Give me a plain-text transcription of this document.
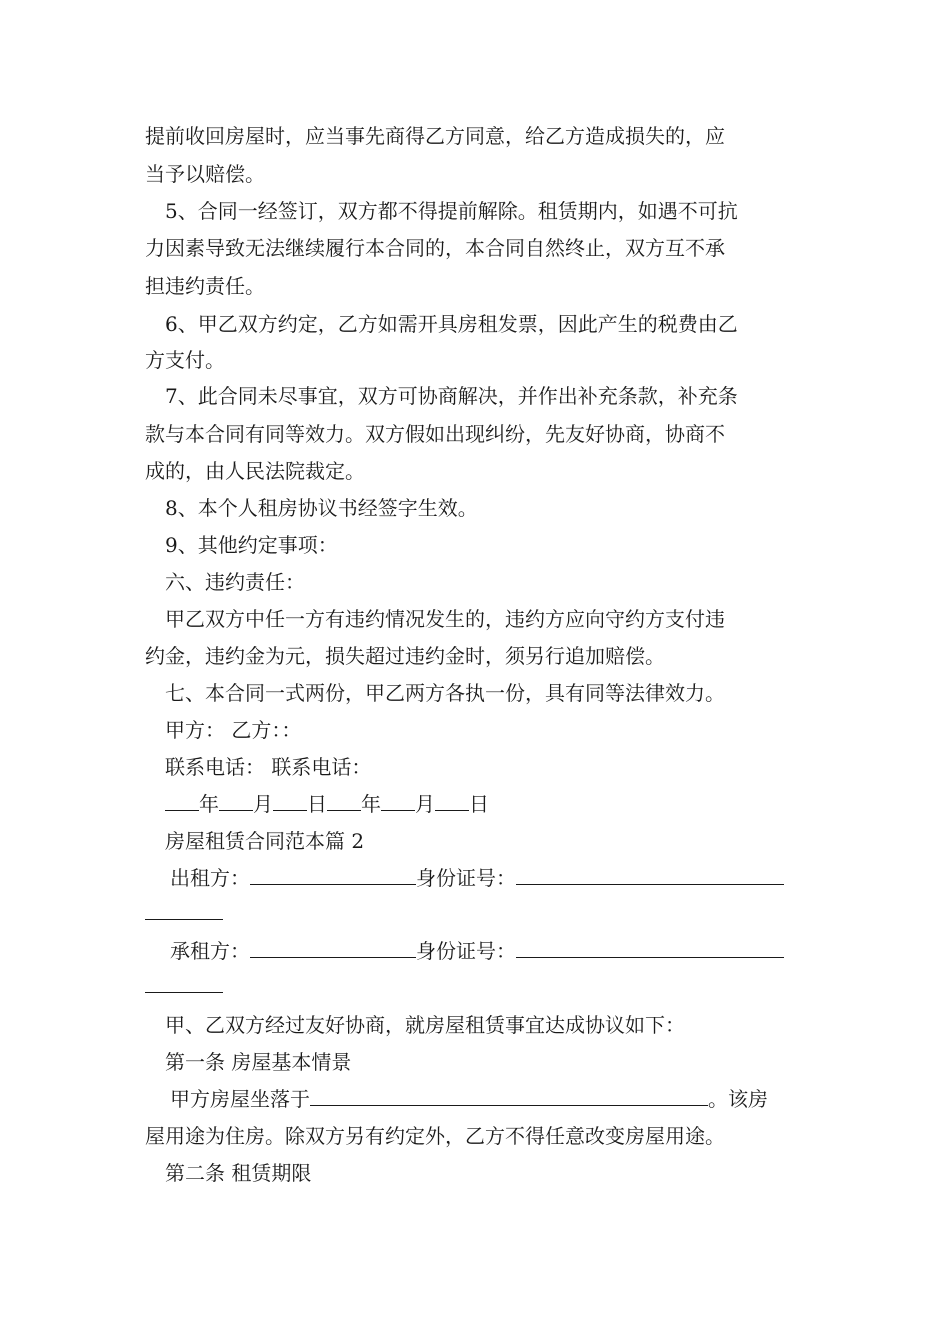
提前收回房屋时，应当事先商得乙方同意，给乙方造成损失的，应
当予以赔偿。
5、合同一经签订，双方都不得提前解除。租赁期内，如遇不可抗
力因素导致无法继续履行本合同的，本合同自然终止，双方互不承
担违约责任。
6、甲乙双方约定，乙方如需开具房租发票，因此产生的税费由乙
方支付。
7、此合同未尽事宜，双方可协商解决，并作出补充条款，补充条
款与本合同有同等效力。双方假如出现纠纷，先友好协商，协商不
成的，由人民法院裁定。
8、本个人租房协议书经签字生效。
9、其他约定事项：
六、违约责任：
甲乙双方中任一方有违约情况发生的，违约方应向守约方支付违
约金，违约金为元，损失超过违约金时，须另行追加赔偿。
七、本合同一式两份，甲乙两方各执一份，具有同等法律效力。
甲方： 乙方：：
联系电话： 联系电话：
年 月 日 年 月 日
房屋租赁合同范本篇 2
出租方：	身份证号：
承租方：	身份证号：
甲、乙双方经过友好协商，就房屋租赁事宜达成协议如下：
第一条 房屋基本情景
甲方房屋坐落于	。该房
屋用途为住房。除双方另有约定外，乙方不得任意改变房屋用途。
第二条 租赁期限
